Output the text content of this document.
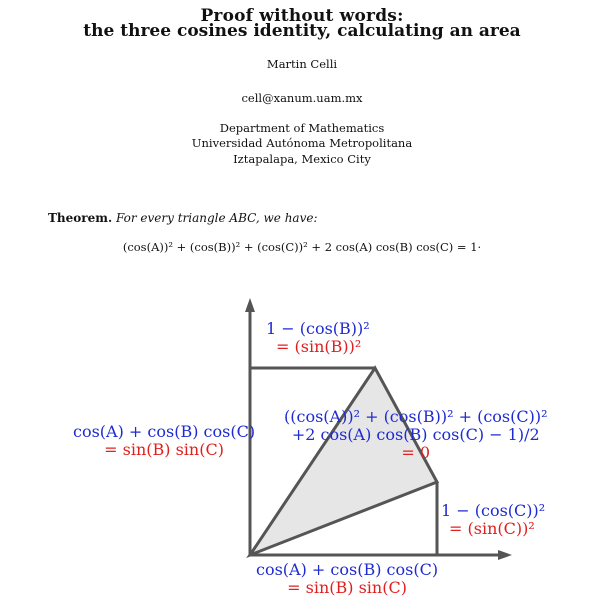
Proof without words:
the three cosines identity, calculating an area
Martin Celli
cell@xanum.uam.mx
Department of Mathematics
Universidad Autónoma Metropolitana
Iztapalapa, Mexico City
Theorem. For every triangle ABC, we have:
(cos(A))² + (cos(B))² + (cos(C))² + 2 cos(A) cos(B) cos(C) = 1·
1 − (cos(B))²
= (sin(B))²
cos(A) + cos(B) cos(C)
= sin(B) sin(C)
((cos(A))² + (cos(B))² + (cos(C))²
+2 cos(A) cos(B) cos(C) − 1)/2
= 0
1 − (cos(C))²
= (sin(C))²
cos(A) + cos(B) cos(C)
= sin(B) sin(C)
